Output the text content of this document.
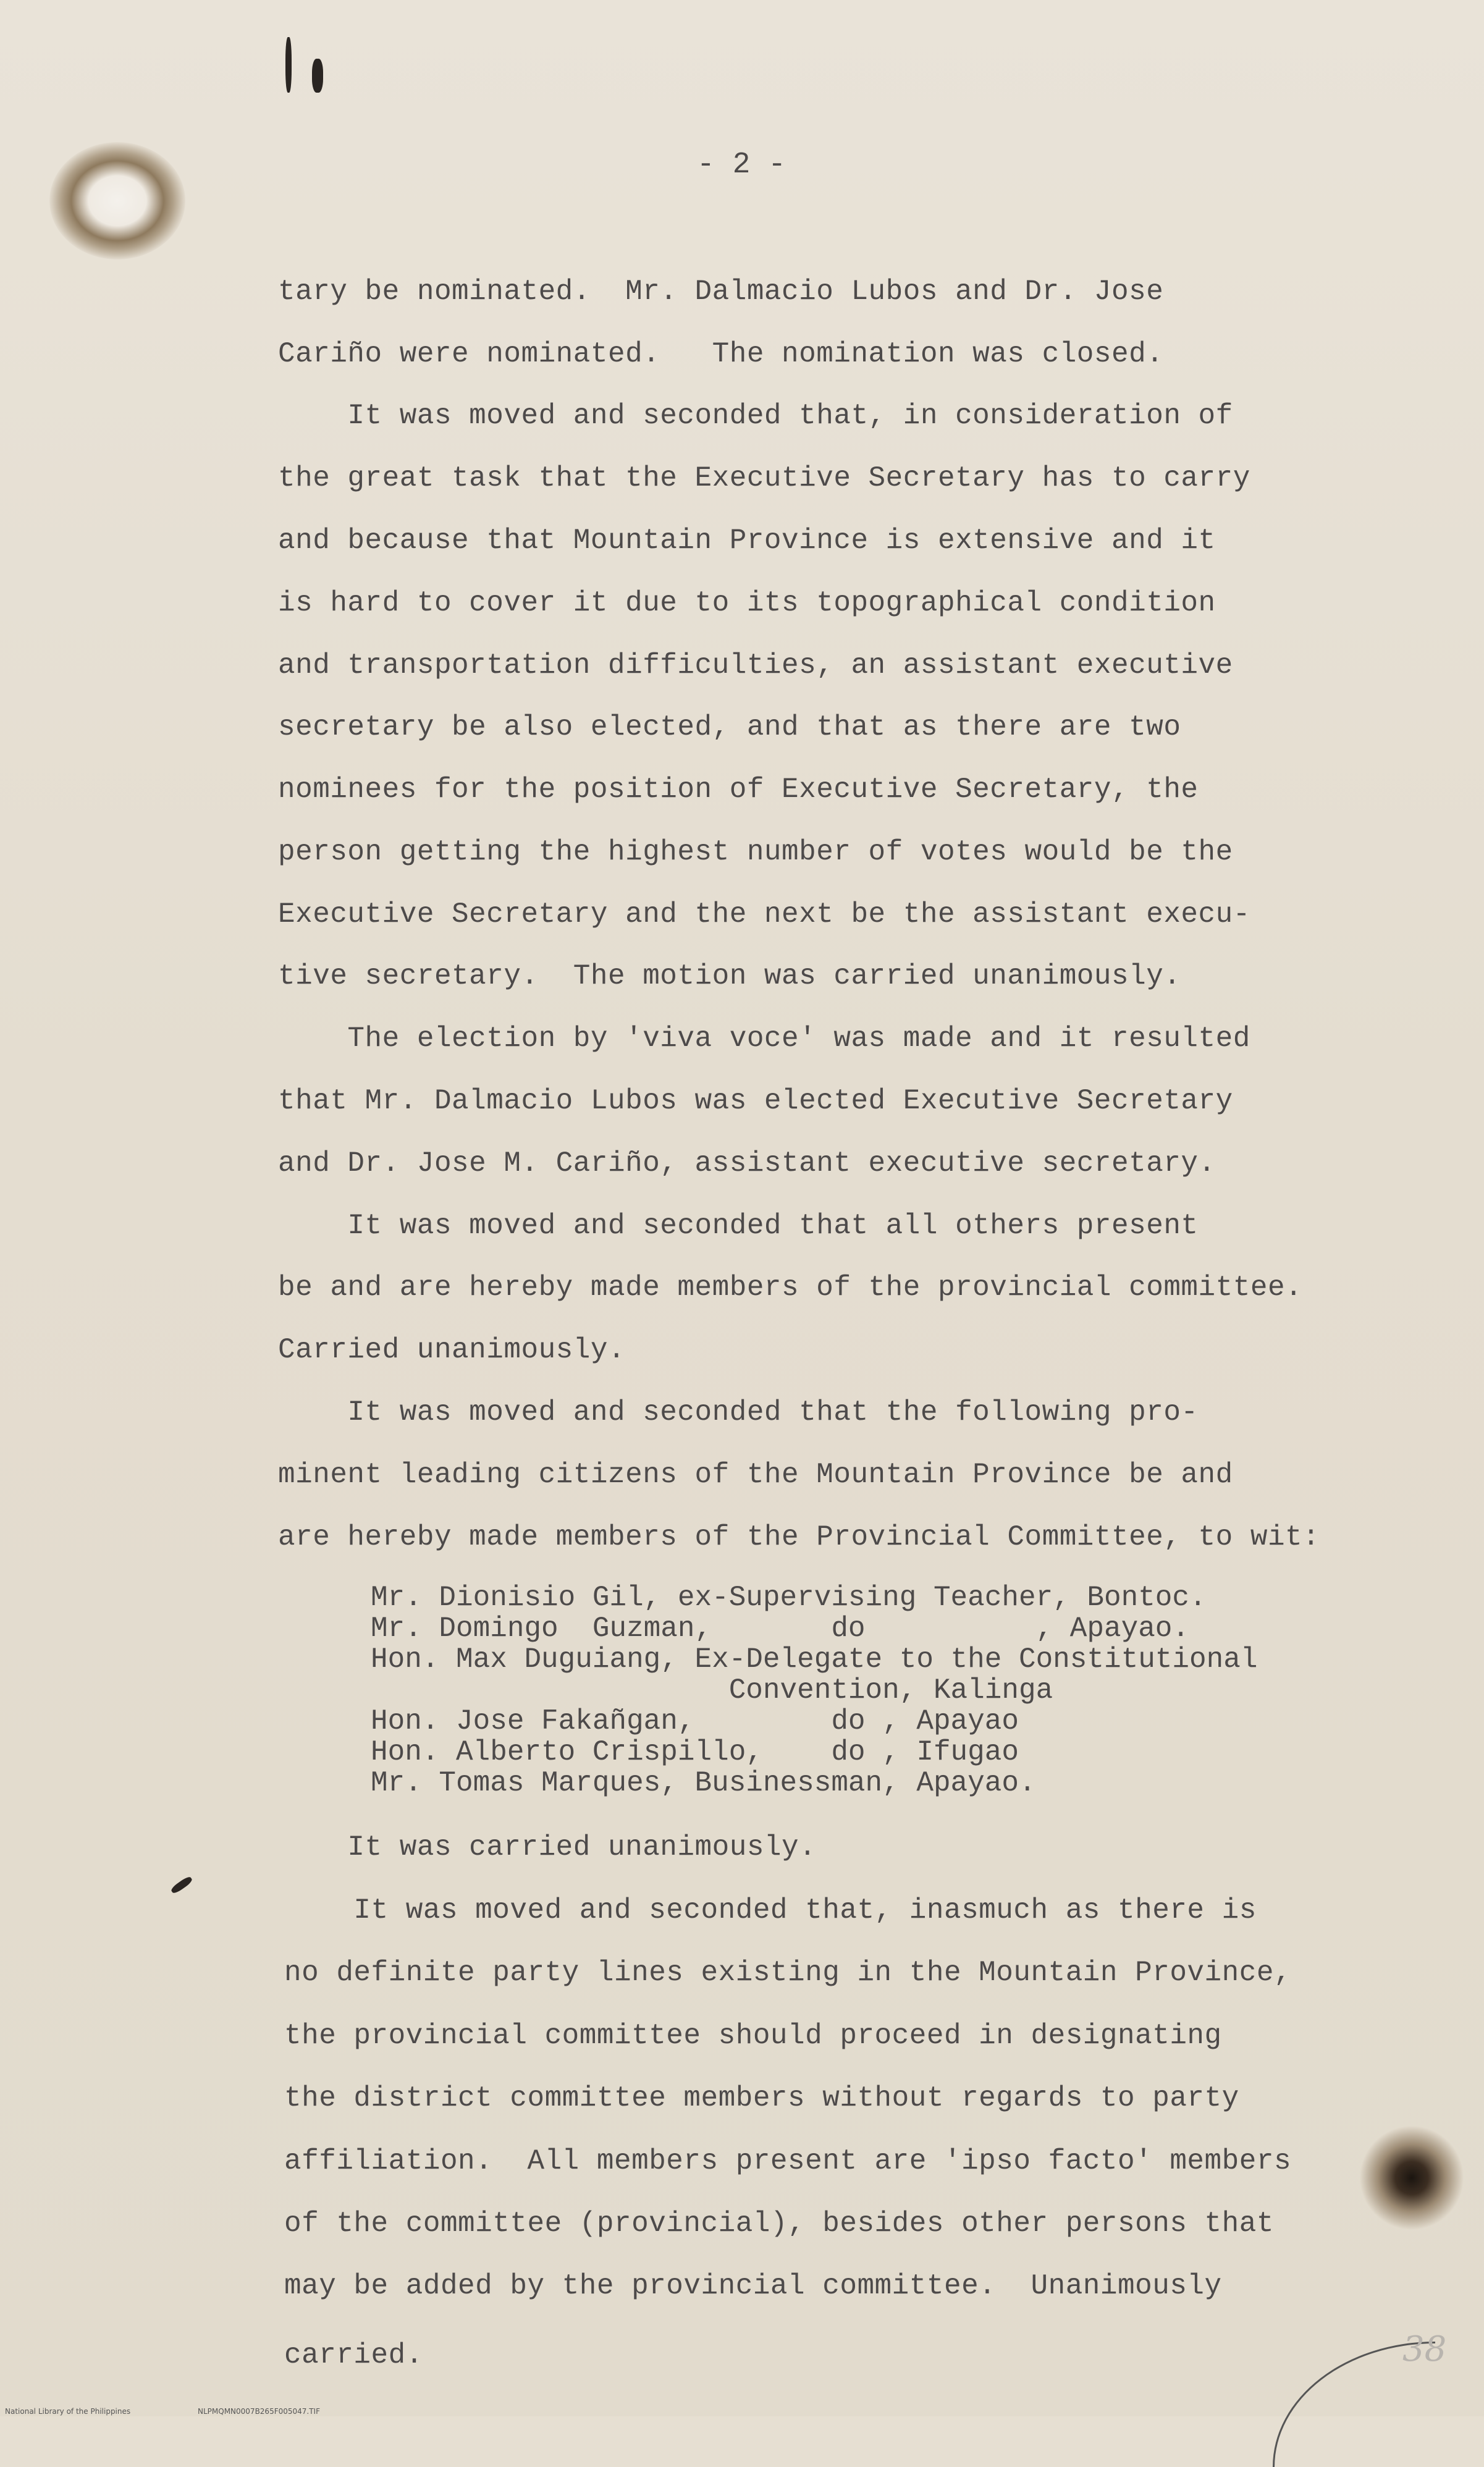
- 2 -
tary be nominated.  Mr. Dalmacio Lubos and Dr. Jose
Cariño were nominated.   The nomination was closed.
It was moved and seconded that, in consideration of
the great task that the Executive Secretary has to carry
and because that Mountain Province is extensive and it
is hard to cover it due to its topographical condition
and transportation difficulties, an assistant executive
secretary be also elected, and that as there are two
nominees for the position of Executive Secretary, the
person getting the highest number of votes would be the
Executive Secretary and the next be the assistant execu-
tive secretary.  The motion was carried unanimously.
The election by 'viva voce' was made and it resulted
that Mr. Dalmacio Lubos was elected Executive Secretary
and Dr. Jose M. Cariño, assistant executive secretary.
It was moved and seconded that all others present
be and are hereby made members of the provincial committee.
Carried unanimously.
It was moved and seconded that the following pro-
minent leading citizens of the Mountain Province be and
are hereby made members of the Provincial Committee, to wit:
Mr. Dionisio Gil, ex-Supervising Teacher, Bontoc.
Mr. Domingo  Guzman,       do          , Apayao.
Hon. Max Duguiang, Ex-Delegate to the Constitutional
Convention, Kalinga
Hon. Jose Fakañgan,        do , Apayao
Hon. Alberto Crispillo,    do , Ifugao
Mr. Tomas Marques, Businessman, Apayao.
It was carried unanimously.
It was moved and seconded that, inasmuch as there is
no definite party lines existing in the Mountain Province,
the provincial committee should proceed in designating
the district committee members without regards to party
affiliation.  All members present are 'ipso facto' members
of the committee (provincial), besides other persons that
may be added by the provincial committee.  Unanimously
carried.	38
National Library of the Philippines	NLPMQMN0007B265F005047.TIF
